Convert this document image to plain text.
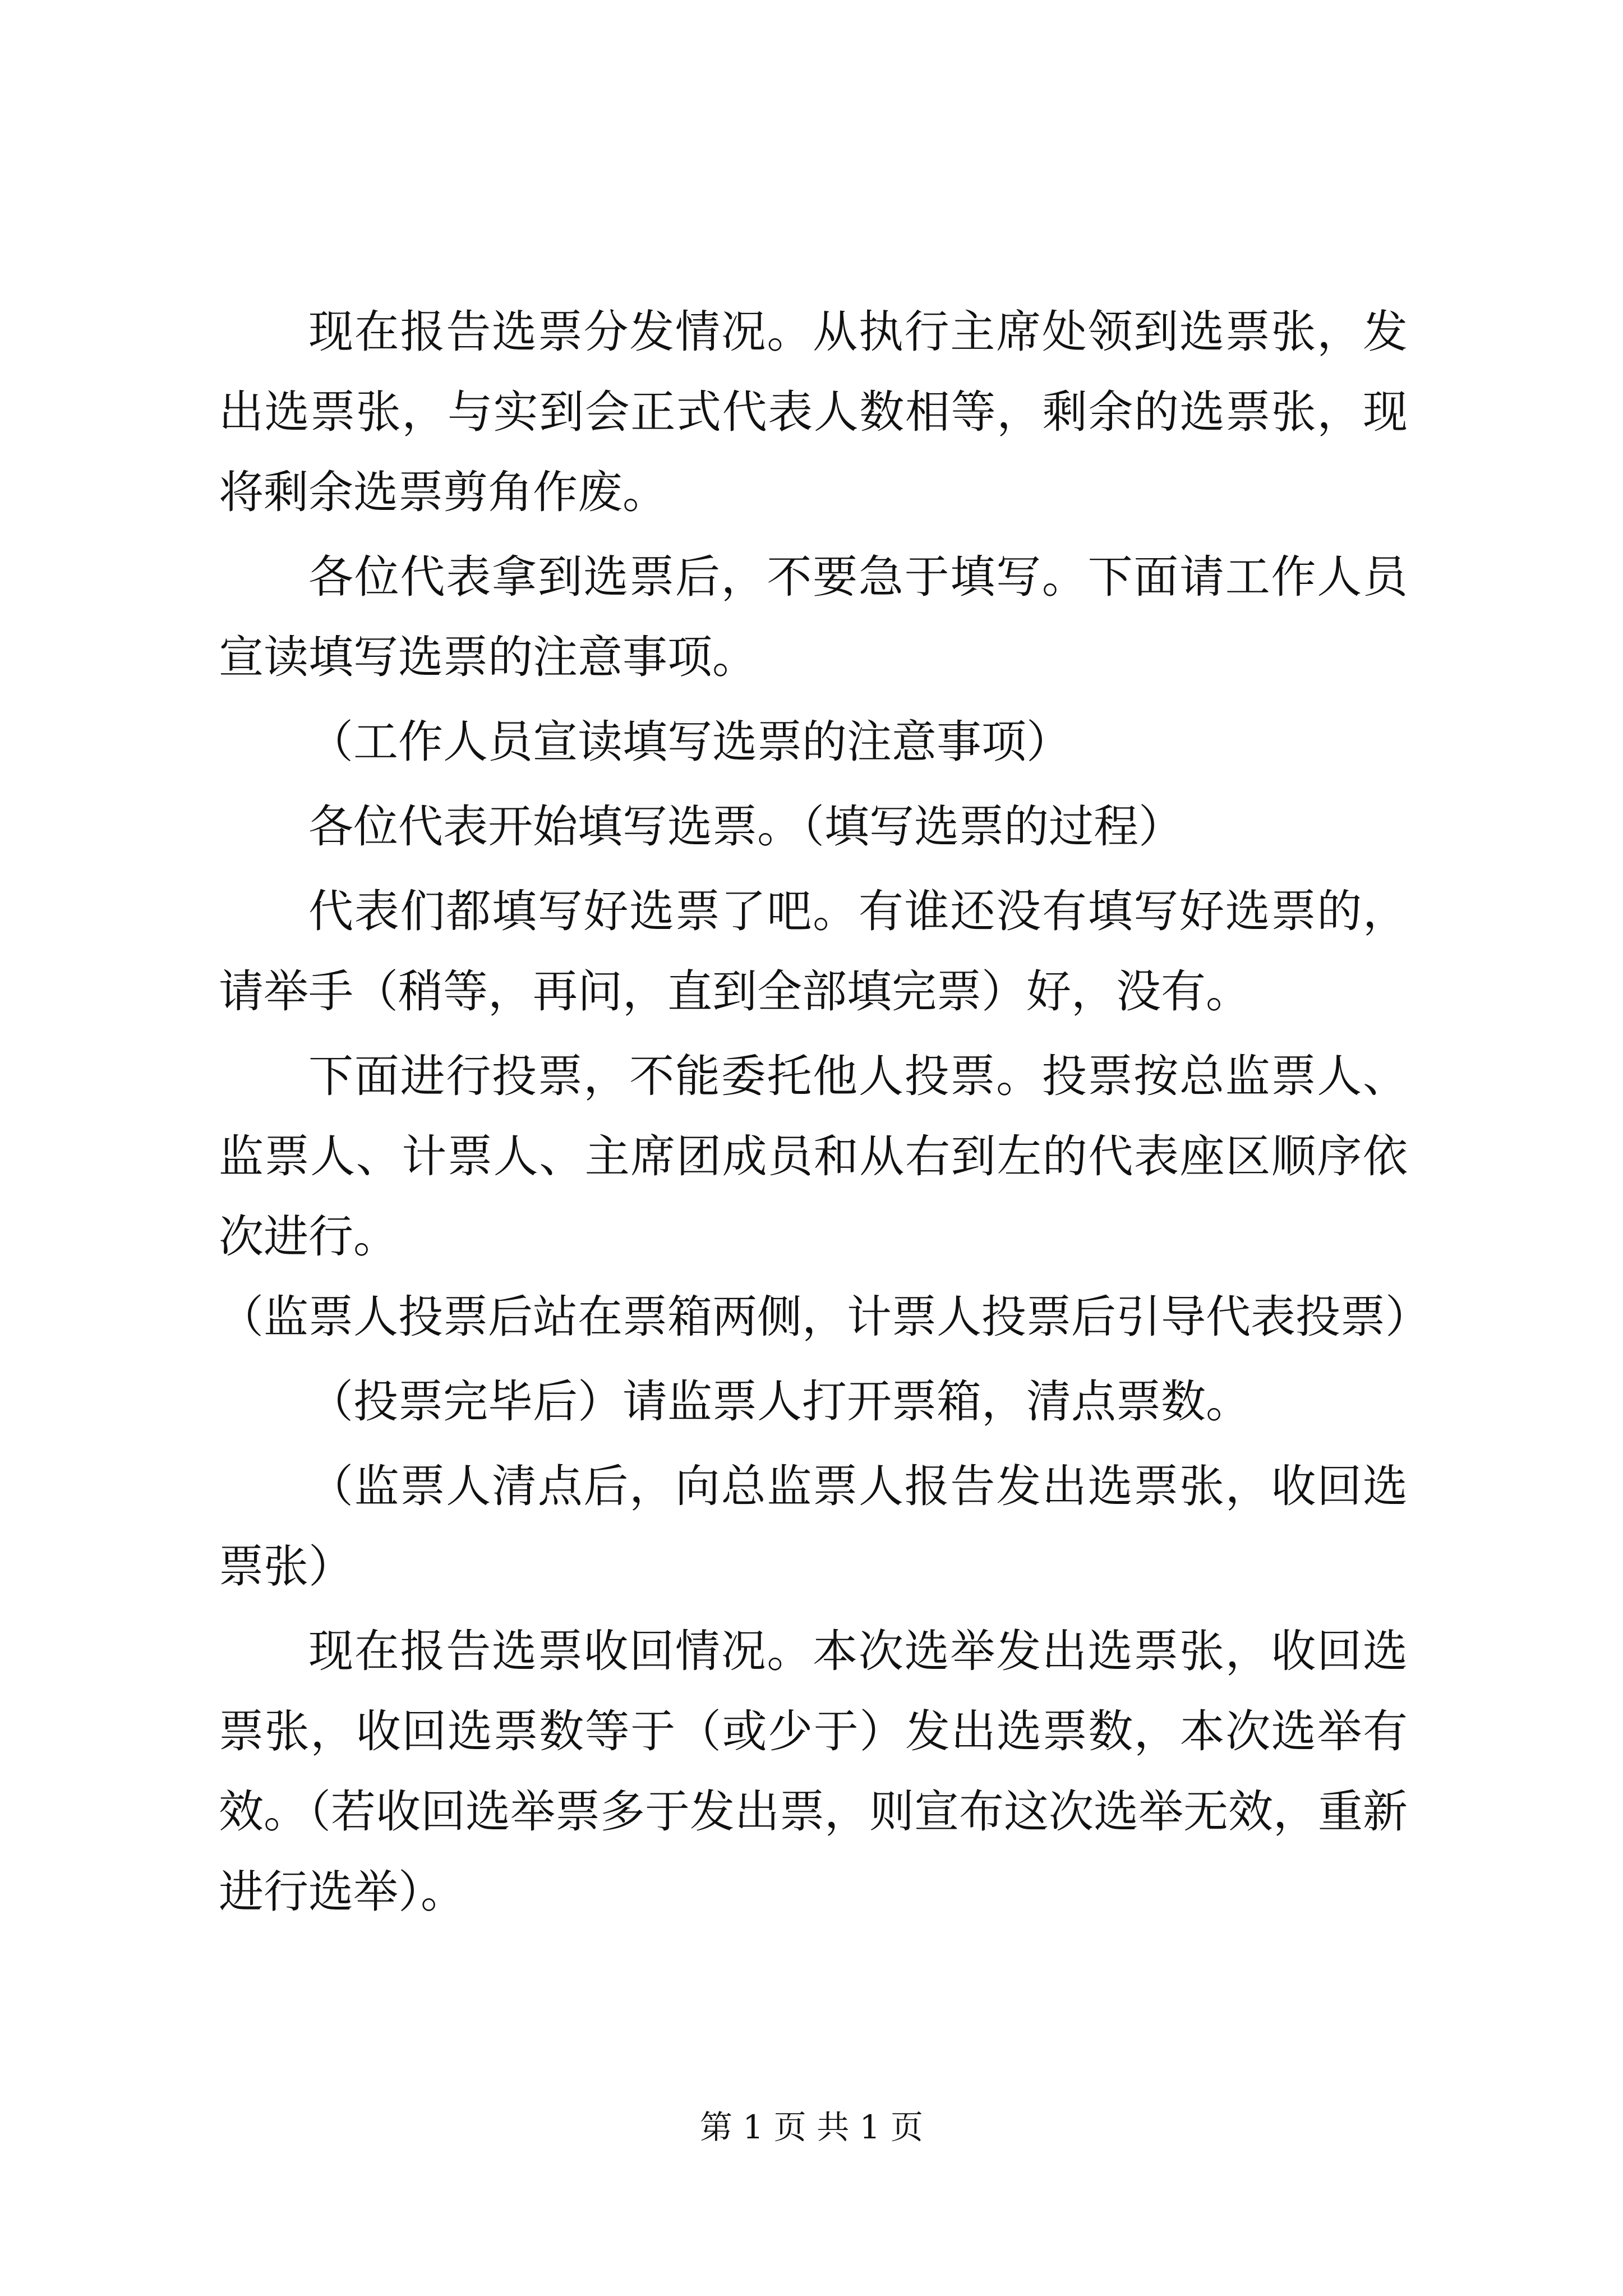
现在报告选票分发情况。从执行主席处领到选票张，发出选票张，与实到会正式代表人数相等，剩余的选票张，现将剩余选票剪角作废。

各位代表拿到选票后，不要急于填写。下面请工作人员宣读填写选票的注意事项。

（工作人员宣读填写选票的注意事项）

各位代表开始填写选票。（填写选票的过程）

代表们都填写好选票了吧。有谁还没有填写好选票的，请举手（稍等，再问，直到全部填完票）好，没有。

下面进行投票，不能委托他人投票。投票按总监票人、监票人、计票人、主席团成员和从右到左的代表座区顺序依次进行。

（监票人投票后站在票箱两侧，计票人投票后引导代表投票）

（投票完毕后）请监票人打开票箱，清点票数。

（监票人清点后，向总监票人报告发出选票张，收回选票张）

现在报告选票收回情况。本次选举发出选票张，收回选票张，收回选票数等于（或少于）发出选票数，本次选举有效。（若收回选举票多于发出票，则宣布这次选举无效，重新进行选举）。

第 1 页 共 1 页
